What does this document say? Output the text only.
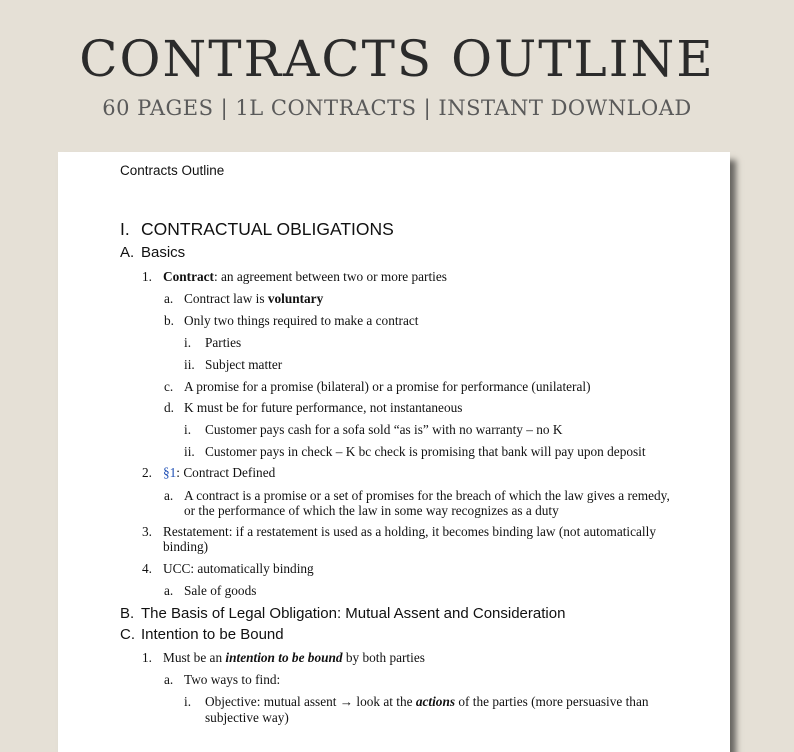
CONTRACTS OUTLINE
60 PAGES | 1L CONTRACTS | INSTANT DOWNLOAD
Contracts Outline
I. CONTRACTUAL OBLIGATIONS
A. Basics
1. Contract: an agreement between two or more parties
a. Contract law is voluntary
b. Only two things required to make a contract
i. Parties
ii. Subject matter
c. A promise for a promise (bilateral) or a promise for performance (unilateral)
d. K must be for future performance, not instantaneous
i. Customer pays cash for a sofa sold “as is” with no warranty – no K
ii. Customer pays in check – K bc check is promising that bank will pay upon deposit
2. §1: Contract Defined
a. A contract is a promise or a set of promises for the breach of which the law gives a remedy,
or the performance of which the law in some way recognizes as a duty
3. Restatement: if a restatement is used as a holding, it becomes binding law (not automatically
binding)
4. UCC: automatically binding
a. Sale of goods
B. The Basis of Legal Obligation: Mutual Assent and Consideration
C. Intention to be Bound
1. Must be an intention to be bound by both parties
a. Two ways to find:
i. Objective: mutual assent → look at the actions of the parties (more persuasive than
subjective way)
